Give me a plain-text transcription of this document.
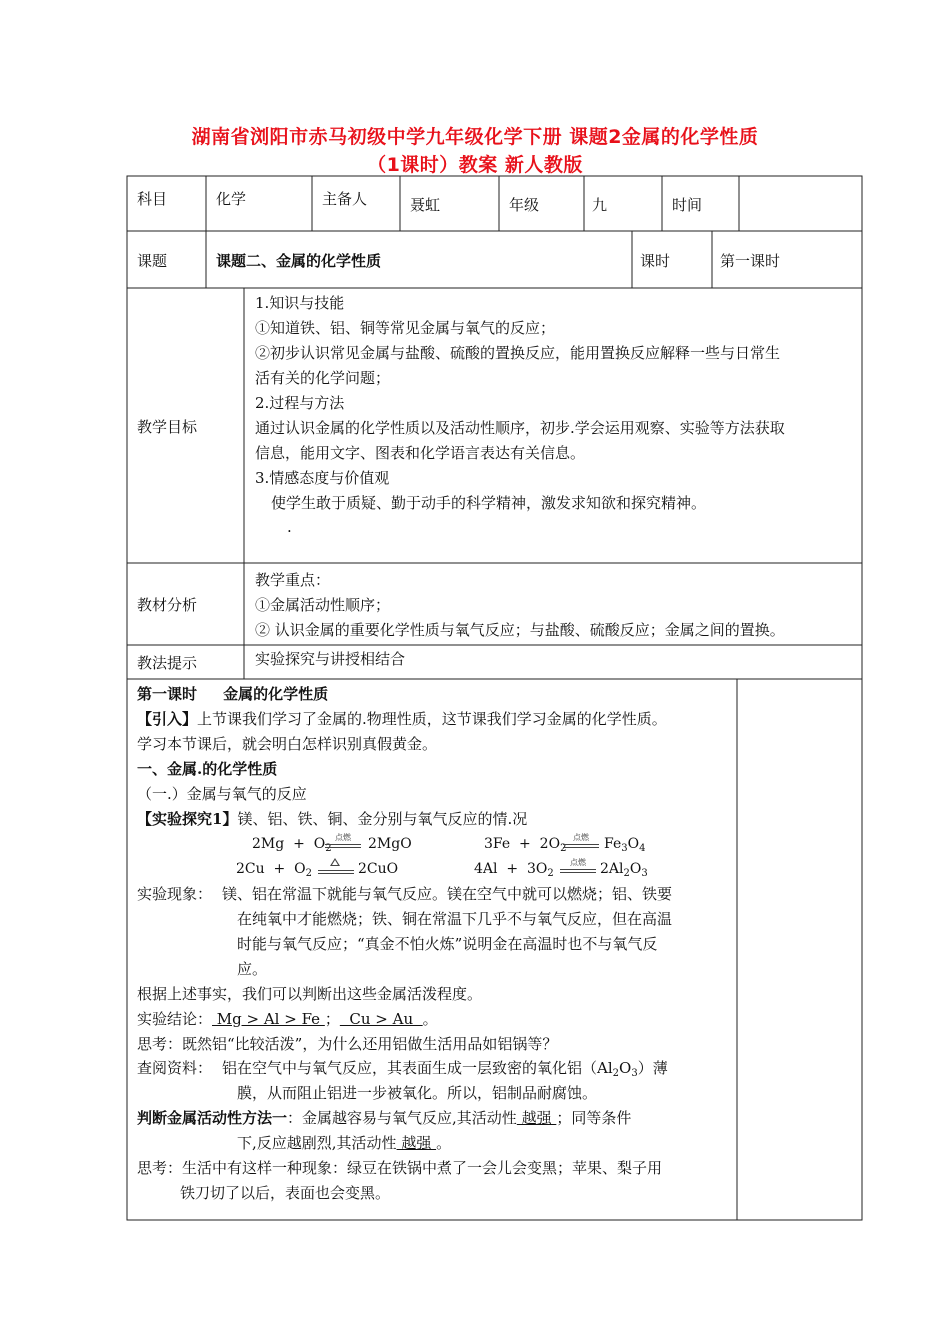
湖南省浏阳市赤马初级中学九年级化学下册 课题2金属的化学性质
（1课时）教案 新人教版
科目	化学	主备人	聂虹	年级	九	时间
课题	课题二、金属的化学性质	课时	第一课时
教学目标
1.知识与技能
①知道铁、铝、铜等常见金属与氧气的反应；
②初步认识常见金属与盐酸、硫酸的置换反应，能用置换反应解释一些与日常生
活有关的化学问题；
2.过程与方法
通过认识金属的化学性质以及活动性顺序，初步.学会运用观察、实验等方法获取
信息，能用文字、图表和化学语言表达有关信息。
3.情感态度与价值观
使学生敢于质疑、勤于动手的科学精神，激发求知欲和探究精神。
.
教材分析
教学重点：
①金属活动性顺序；
② 认识金属的重要化学性质与氧气反应；与盐酸、硫酸反应；金属之间的置换。
教法提示	实验探究与讲授相结合
第一课时     金属的化学性质
【引入】上节课我们学习了金属的.物理性质，这节课我们学习金属的化学性质。
学习本节课后，就会明白怎样识别真假黄金。
一、金属.的化学性质
（一.）金属与氧气的反应
【实验探究1】镁、铝、铁、铜、金分别与氧气反应的情.况
$2Mg + O_2$
点燃	2MgO	$3Fe + 2O_2$
点燃	$Fe_3O_4$
$2Cu + O_2$	2CuO	$4Al + 3O_2$
点燃	$2Al_2O_3$
实验现象： 镁、铝在常温下就能与氧气反应。镁在空气中就可以燃烧；铝、铁要
在纯氧中才能燃烧；铁、铜在常温下几乎不与氧气反应，但在高温
时能与氧气反应；“真金不怕火炼”说明金在高温时也不与氧气反
应。
根据上述事实，我们可以判断出这些金属活泼程度。
实验结论： Mg > Al > Fe ；  Cu > Au  。
思考：既然铝“比较活泼”，为什么还用铝做生活用品如铝锅等？
查阅资料： 铝在空气中与氧气反应，其表面生成一层致密的氧化铝$(Al_2O_3)$薄
膜，从而阻止铝进一步被氧化。所以，铝制品耐腐蚀。
判断金属活动性方法一：金属越容易与氧气反应,其活动性 越强 ；同等条件
下,反应越剧烈,其活动性 越强 。
思考：生活中有这样一种现象：绿豆在铁锅中煮了一会儿会变黑；苹果、梨子用
铁刀切了以后，表面也会变黑。
